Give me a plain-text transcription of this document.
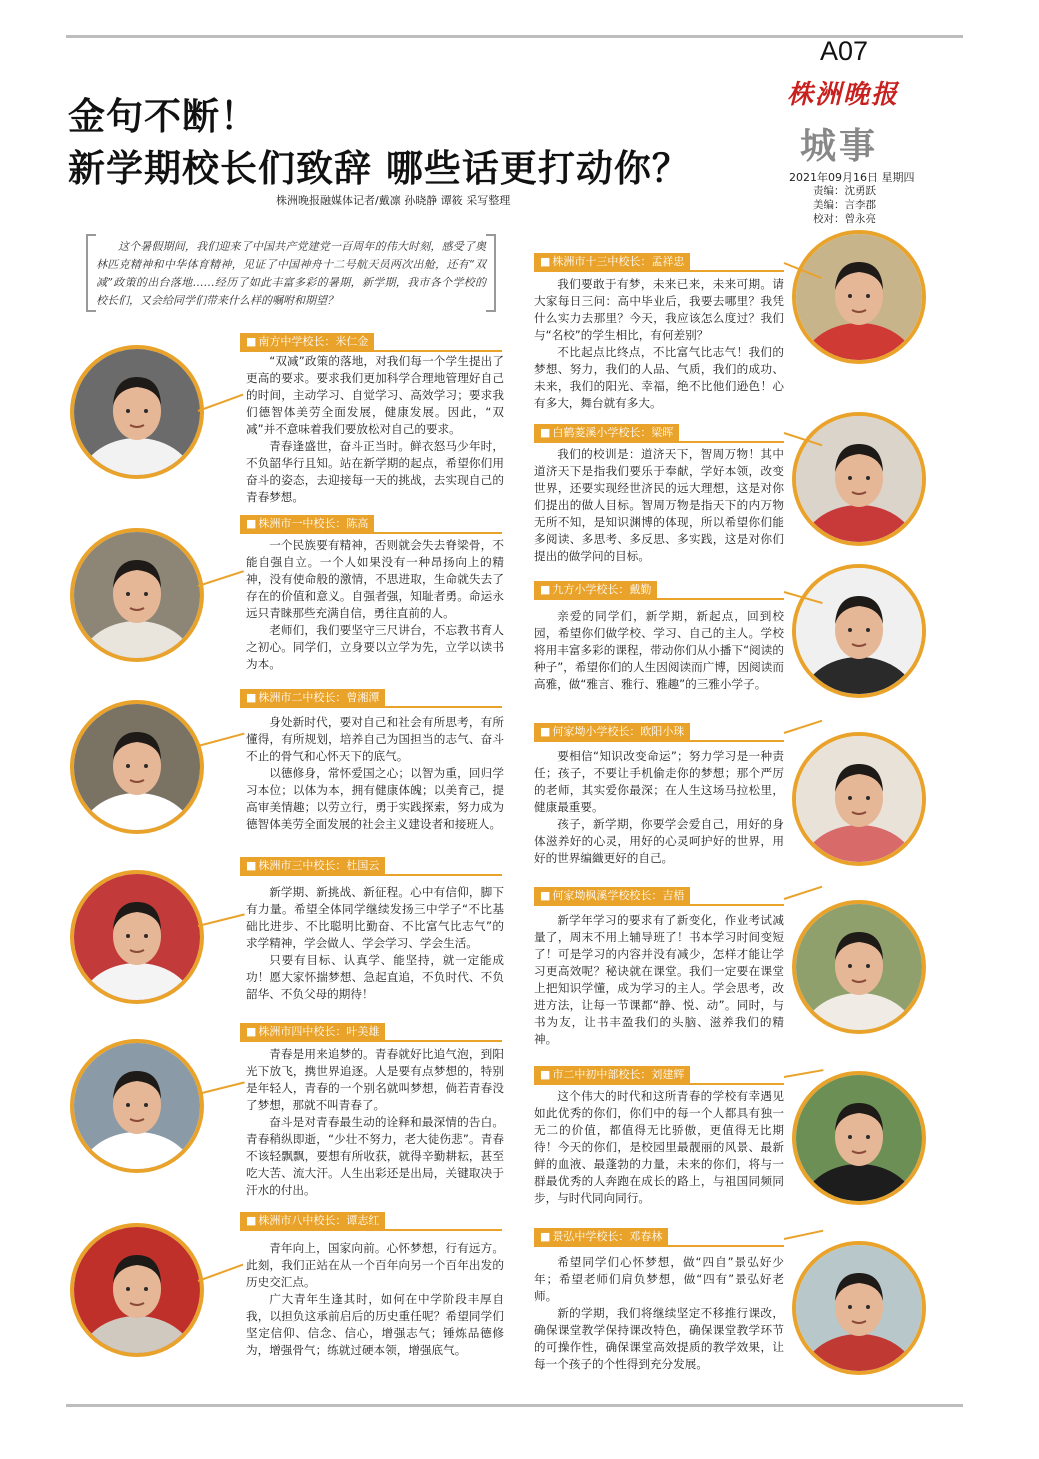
A07
株洲晚报
城事
2021年09月16日 星期四
责编：沈勇跃
美编：言李郡
校对：曾永亮
金句不断！
新学期校长们致辞 哪些话更打动你？
株洲晚报融媒体记者/戴凛 孙晓静 谭筱 采写整理
这个暑假期间，我们迎来了中国共产党建党一百周年的伟大时刻，感受了奥林匹克精神和中华体育精神，见证了中国神舟十二号航天员两次出舱，还有“双减”政策的出台落地……经历了如此丰富多彩的暑期，新学期，我市各个学校的校长们，又会给同学们带来什么样的嘱咐和期望？
■ 南方中学校长：米仁金

“双减”政策的落地，对我们每一个学生提出了更高的要求。要求我们更加科学合理地管理好自己的时间，主动学习、自觉学习、高效学习；要求我们德智体美劳全面发展，健康发展。因此，“双减”并不意味着我们要放松对自己的要求。

青春逢盛世，奋斗正当时。鲜衣怒马少年时，不负韶华行且知。站在新学期的起点，希望你们用奋斗的姿态，去迎接每一天的挑战，去实现自己的青春梦想。

■ 株洲市一中校长：陈高

一个民族要有精神，否则就会失去脊梁骨，不能自强自立。一个人如果没有一种昂扬向上的精神，没有使命般的激情，不思进取，生命就失去了存在的价值和意义。自强者强，知耻者勇。命运永远只青睐那些充满自信，勇往直前的人。

老师们，我们要坚守三尺讲台，不忘教书育人之初心。同学们，立身要以立学为先，立学以读书为本。

■ 株洲市二中校长：曾湘潭

身处新时代，要对自己和社会有所思考，有所懂得，有所规划，培养自己为国担当的志气、奋斗不止的骨气和心怀天下的底气。

以德修身，常怀爱国之心；以智为重，回归学习本位；以体为本，拥有健康体魄；以美育己，提高审美情趣；以劳立行，勇于实践探索，努力成为德智体美劳全面发展的社会主义建设者和接班人。

■ 株洲市三中校长：杜国云

新学期、新挑战、新征程。心中有信仰，脚下有力量。希望全体同学继续发扬三中学子“不比基础比进步、不比聪明比勤奋、不比富气比志气”的求学精神，学会做人、学会学习、学会生活。

只要有目标、认真学、能坚持，就一定能成功！愿大家怀揣梦想、急起直追，不负时代、不负韶华、不负父母的期待！

■ 株洲市四中校长：叶美雄

青春是用来追梦的。青春就好比追气泡，到阳光下放飞，携世界追逐。人是要有点梦想的，特别是年轻人，青春的一个别名就叫梦想，倘若青春没了梦想，那就不叫青春了。

奋斗是对青春最生动的诠释和最深情的告白。青春稍纵即逝，“少壮不努力，老大徒伤悲”。青春不该轻飘飘，要想有所收获，就得辛勤耕耘，甚至吃大苦、流大汗。人生出彩还是出局，关键取决于汗水的付出。

■ 株洲市八中校长：谭志红

青年向上，国家向前。心怀梦想，行有远方。此刻，我们正站在从一个百年向另一个百年出发的历史交汇点。

广大青年生逢其时，如何在中学阶段丰厚自我，以担负这承前启后的历史重任呢？希望同学们坚定信仰、信念、信心，增强志气；锤炼品德修为，增强骨气；练就过硬本领，增强底气。

■ 株洲市十三中校长：孟祥忠

我们要敢于有梦，未来已来，未来可期。请大家每日三问：高中毕业后，我要去哪里？我凭什么实力去那里？今天，我应该怎么度过？我们与“名校”的学生相比，有何差别？

不比起点比终点，不比富气比志气！我们的梦想、努力，我们的人品、气质，我们的成功、未来，我们的阳光、幸福，绝不比他们逊色！心有多大，舞台就有多大。

■ 白鹤菱溪小学校长：梁晖

我们的校训是：道济天下，智周万物！其中道济天下是指我们要乐于奉献，学好本领，改变世界，还要实现经世济民的远大理想，这是对你们提出的做人目标。智周万物是指天下的内万物无所不知，是知识渊博的体现，所以希望你们能多阅读、多思考、多反思、多实践，这是对你们提出的做学问的目标。

■ 九方小学校长：戴勤

亲爱的同学们，新学期，新起点，回到校园，希望你们做学校、学习、自己的主人。学校将用丰富多彩的课程，带动你们从小播下“阅读的种子”，希望你们的人生因阅读而广博，因阅读而高雅，做“雅言、雅行、雅趣”的三雅小学子。

■ 何家坳小学校长：欧阳小珠

要相信“知识改变命运”；努力学习是一种责任；孩子，不要让手机偷走你的梦想；那个严厉的老师，其实爱你最深；在人生这场马拉松里，健康最重要。

孩子，新学期，你要学会爱自己，用好的身体滋养好的心灵，用好的心灵呵护好的世界，用好的世界编織更好的自己。

■ 何家坳枫溪学校校长：吉梧

新学年学习的要求有了新变化，作业考试减量了，周末不用上辅导班了！书本学习时间变短了！可是学习的内容并没有减少，怎样才能让学习更高效呢？秘诀就在课堂。我们一定要在课堂上把知识学懂，成为学习的主人。学会思考，改进方法，让每一节课都“静、悦、动”。同时，与书为友，让书丰盈我们的头脑、滋养我们的精神。

■ 市二中初中部校长：刘建辉

这个伟大的时代和这所青春的学校有幸遇见如此优秀的你们，你们中的每一个人都具有独一无二的价值，都值得无比骄傲，更值得无比期待！今天的你们，是校园里最靓丽的风景、最新鲜的血液、最蓬勃的力量，未来的你们，将与一群最优秀的人奔跑在成长的路上，与祖国同频同步，与时代同向同行。

■ 景弘中学校长：邓春林

希望同学们心怀梦想，做“四自”景弘好少年；希望老师们肩负梦想，做“四有”景弘好老师。

新的学期，我们将继续坚定不移推行课改，确保课堂教学保持课改特色，确保课堂教学环节的可操作性，确保课堂高效提质的教学效果，让每一个孩子的个性得到充分发展。
